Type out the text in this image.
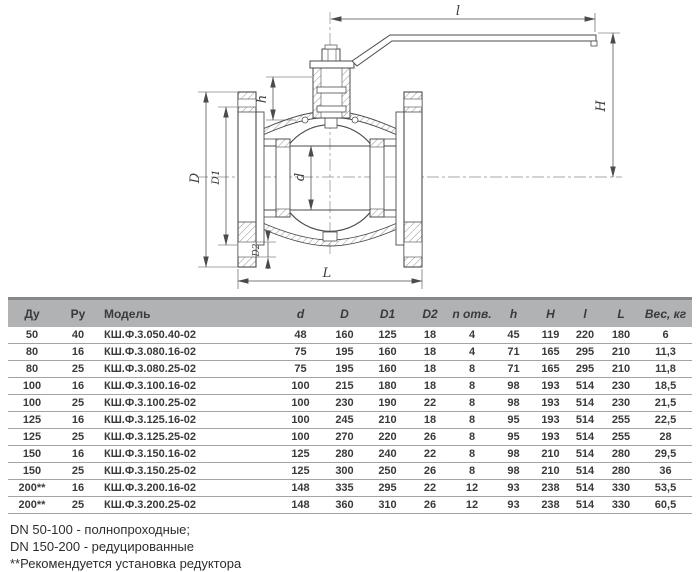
l
H
h
D D1	d
D2
L
Ду	Ру	Модель	d	D	D1	D2	n отв.	h	H	l	L	Вес, кг
50	40	КШ.Ф.3.050.40-02	48	160	125	18	4	45	119	220	180	6
80	16	КШ.Ф.3.080.16-02	75	195	160	18	4	71	165	295	210	11,3
80	25	КШ.Ф.3.080.25-02	75	195	160	18	8	71	165	295	210	11,8
100	16	КШ.Ф.3.100.16-02	100	215	180	18	8	98	193	514	230	18,5
100	25	КШ.Ф.3.100.25-02	100	230	190	22	8	98	193	514	230	21,5
125	16	КШ.Ф.3.125.16-02	100	245	210	18	8	95	193	514	255	22,5
125	25	КШ.Ф.3.125.25-02	100	270	220	26	8	95	193	514	255	28
150	16	КШ.Ф.3.150.16-02	125	280	240	22	8	98	210	514	280	29,5
150	25	КШ.Ф.3.150.25-02	125	300	250	26	8	98	210	514	280	36
200**	16	КШ.Ф.3.200.16-02	148	335	295	22	12	93	238	514	330	53,5
200**	25	КШ.Ф.3.200.25-02	148	360	310	26	12	93	238	514	330	60,5
DN 50-100 - полнопроходные;
DN 150-200 - редуцированные
**Рекомендуется установка редуктора
